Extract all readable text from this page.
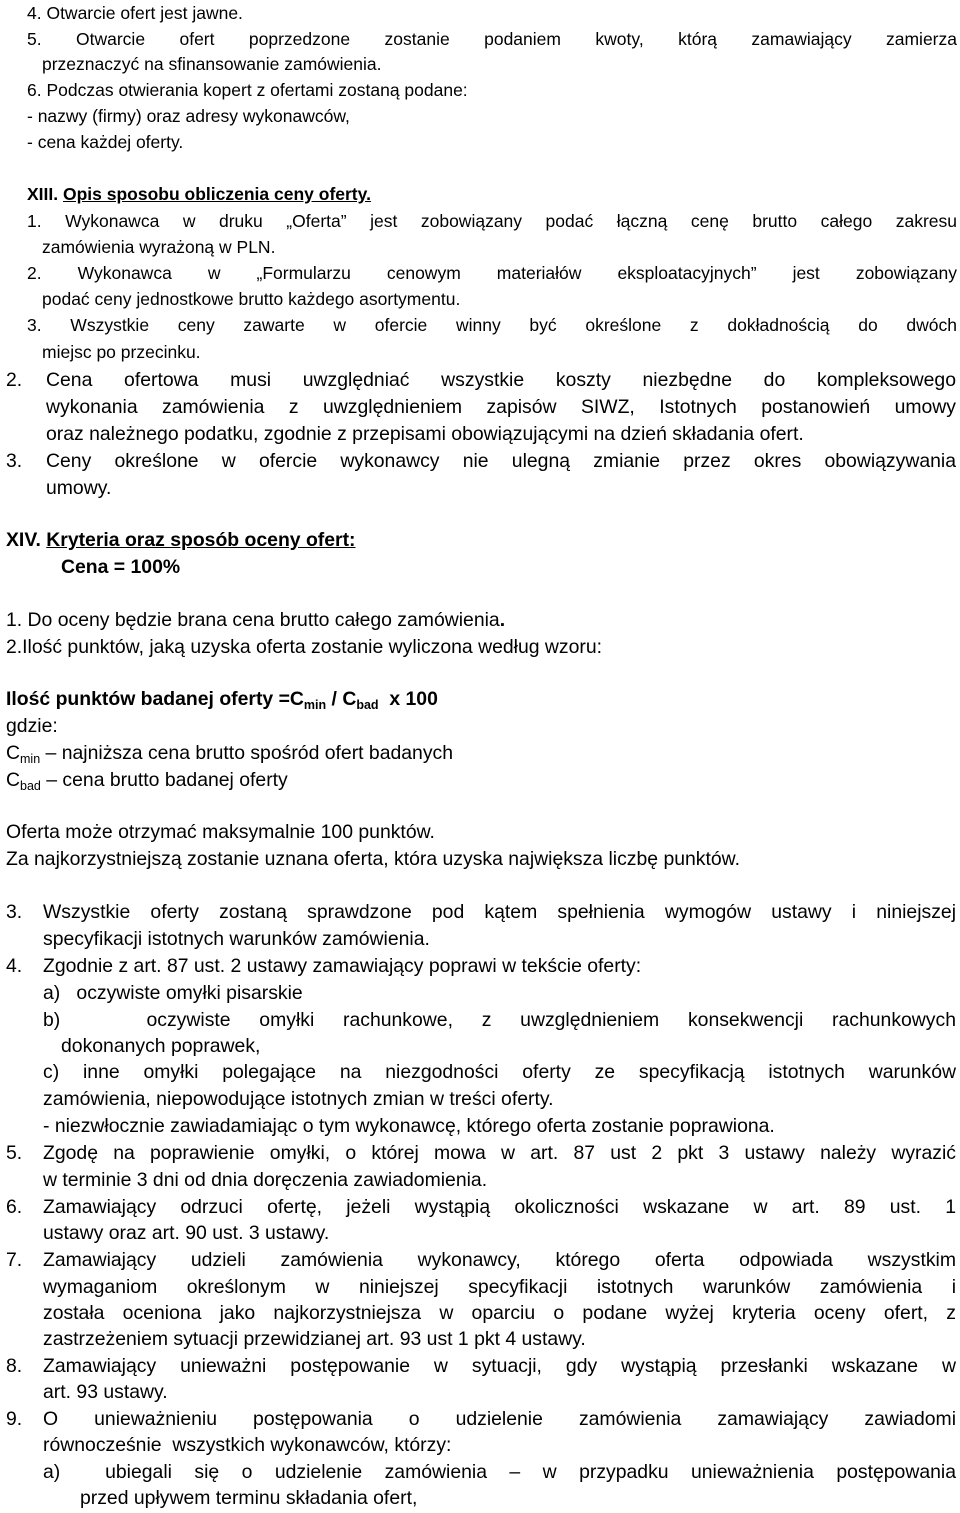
4. Otwarcie ofert jest jawne.
5. Otwarcie ofert poprzedzone zostanie podaniem kwoty, którą zamawiający zamierza
przeznaczyć na sfinansowanie zamówienia.
6. Podczas otwierania kopert z ofertami zostaną podane:
- nazwy (firmy) oraz adresy wykonawców,
- cena każdej oferty.
XIII. Opis sposobu obliczenia ceny oferty.
1. Wykonawca w druku „Oferta” jest zobowiązany podać łączną cenę brutto całego zakresu
zamówienia wyrażoną w PLN.
2. Wykonawca w „Formularzu cenowym materiałów eksploatacyjnych” jest zobowiązany
podać ceny jednostkowe brutto każdego asortymentu.
3. Wszystkie ceny zawarte w ofercie winny być określone z dokładnością do dwóch
miejsc po przecinku.
2. Cena ofertowa musi uwzględniać wszystkie koszty niezbędne do kompleksowego
wykonania zamówienia z uwzględnieniem zapisów SIWZ, Istotnych postanowień umowy
oraz należnego podatku, zgodnie z przepisami obowiązującymi na dzień składania ofert.
3. Ceny określone w ofercie wykonawcy nie ulegną zmianie przez okres obowiązywania
umowy.
XIV. Kryteria oraz sposób oceny ofert:
Cena = 100%
1. Do oceny będzie brana cena brutto całego zamówienia.
2.Ilość punktów, jaką uzyska oferta zostanie wyliczona według wzoru:
Ilość punktów badanej oferty $=C_{min} / C_{bad}$  x 100
gdzie:
$C_{min}$ – najniższa cena brutto spośród ofert badanych
$C_{bad}$ – cena brutto badanej oferty
Oferta może otrzymać maksymalnie 100 punktów.
Za najkorzystniejszą zostanie uznana oferta, która uzyska największa liczbę punktów.
3. Wszystkie oferty zostaną sprawdzone pod kątem spełnienia wymogów ustawy i niniejszej
specyfikacji istotnych warunków zamówienia.
4. Zgodnie z art. 87 ust. 2 ustawy zamawiający poprawi w tekście oferty:
a)   oczywiste omyłki pisarskie
b)   oczywiste omyłki rachunkowe, z uwzględnieniem konsekwencji rachunkowych
dokonanych poprawek,
c) inne omyłki polegające na niezgodności oferty ze specyfikacją istotnych warunków
zamówienia, niepowodujące istotnych zmian w treści oferty.
- niezwłocznie zawiadamiając o tym wykonawcę, którego oferta zostanie poprawiona.
5. Zgodę na poprawienie omyłki, o której mowa w art. 87 ust 2 pkt 3 ustawy należy wyrazić
w terminie 3 dni od dnia doręczenia zawiadomienia.
6. Zamawiający odrzuci ofertę, jeżeli wystąpią okoliczności wskazane w art. 89 ust. 1
ustawy oraz art. 90 ust. 3 ustawy.
7. Zamawiający udzieli zamówienia wykonawcy, którego oferta odpowiada wszystkim
wymaganiom określonym w niniejszej specyfikacji istotnych warunków zamówienia i
została oceniona jako najkorzystniejsza w oparciu o podane wyżej kryteria oceny ofert, z
zastrzeżeniem sytuacji przewidzianej art. 93 ust 1 pkt 4 ustawy.
8. Zamawiający unieważni postępowanie w sytuacji, gdy wystąpią przesłanki wskazane w
art. 93 ustawy.
9. O unieważnieniu postępowania o udzielenie zamówienia zamawiający zawiadomi
równocześnie  wszystkich wykonawców, którzy:
a)  ubiegali się o udzielenie zamówienia – w przypadku unieważnienia postępowania
przed upływem terminu składania ofert,
